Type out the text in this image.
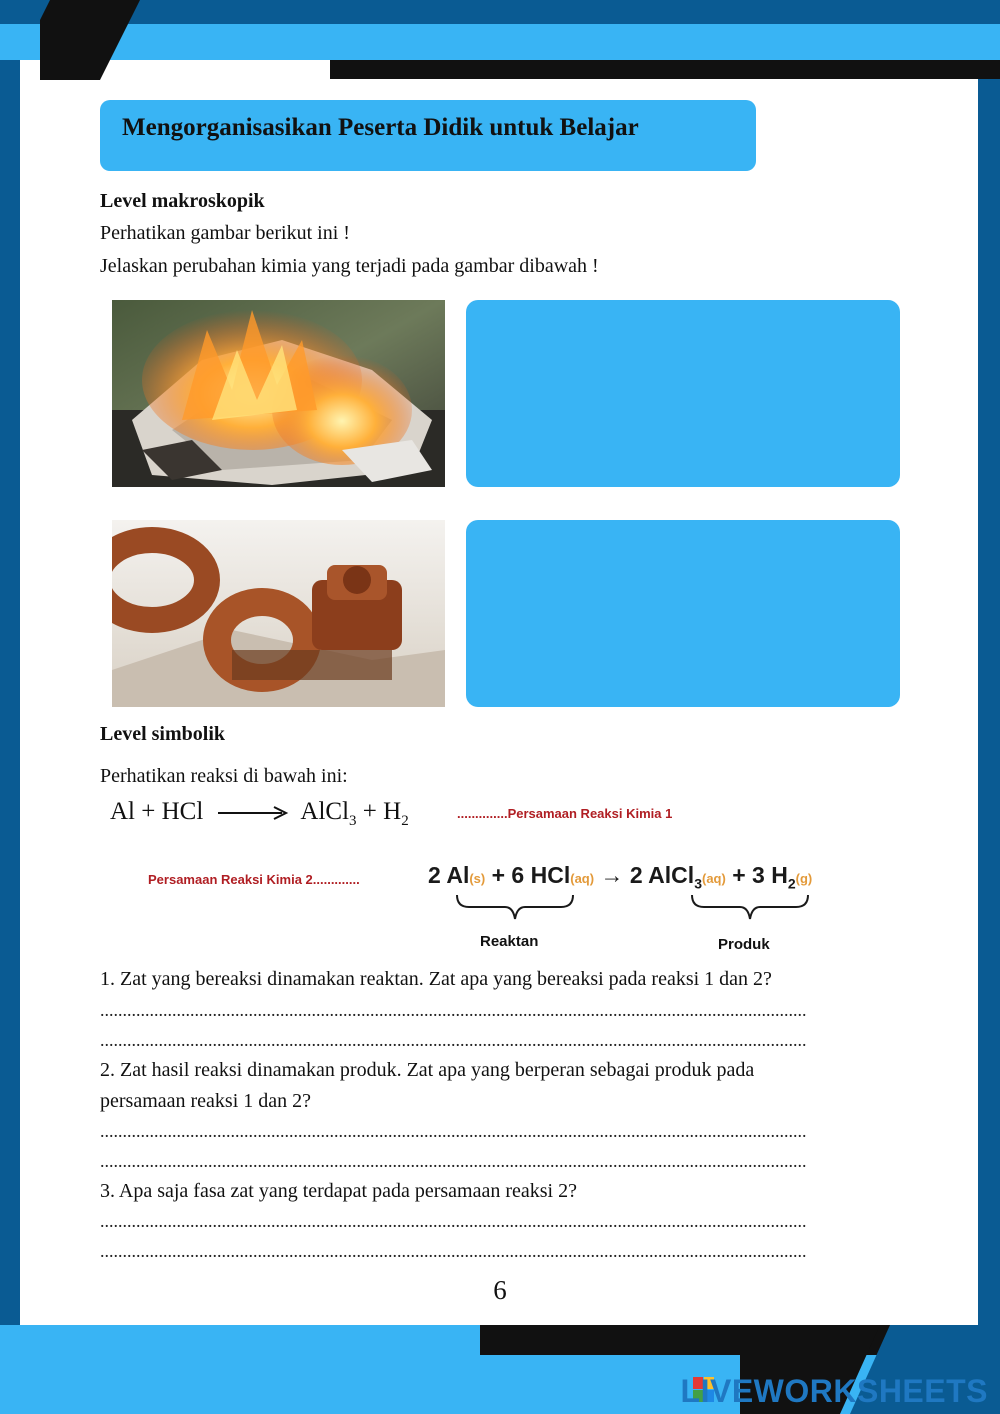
Mengorganisasikan Peserta Didik untuk Belajar
Level makroskopik
Perhatikan gambar berikut ini !
Jelaskan perubahan kimia yang terjadi pada gambar dibawah !
Level simbolik
Perhatikan reaksi di bawah ini:
Al + HCl	AlCl$_3$ + $H_2$	..............Persamaan Reaksi Kimia 1
Persamaan Reaksi Kimia 2.............	2 Al(s) + 6 HCl(aq) → 2 AlCl$_3$(aq) + 3 $H_2(g)$
Reaktan	Produk
1. Zat yang bereaksi dinamakan reaktan. Zat apa yang bereaksi pada reaksi 1 dan 2?
.............................................................................................................................................................
.............................................................................................................................................................
2. Zat hasil reaksi dinamakan produk. Zat apa yang berperan sebagai produk pada
persamaan reaksi 1 dan 2?
.............................................................................................................................................................
.............................................................................................................................................................
3. Apa saja fasa zat yang terdapat pada persamaan reaksi 2?
.............................................................................................................................................................
.............................................................................................................................................................
6
LIVEWORKSHEETS
